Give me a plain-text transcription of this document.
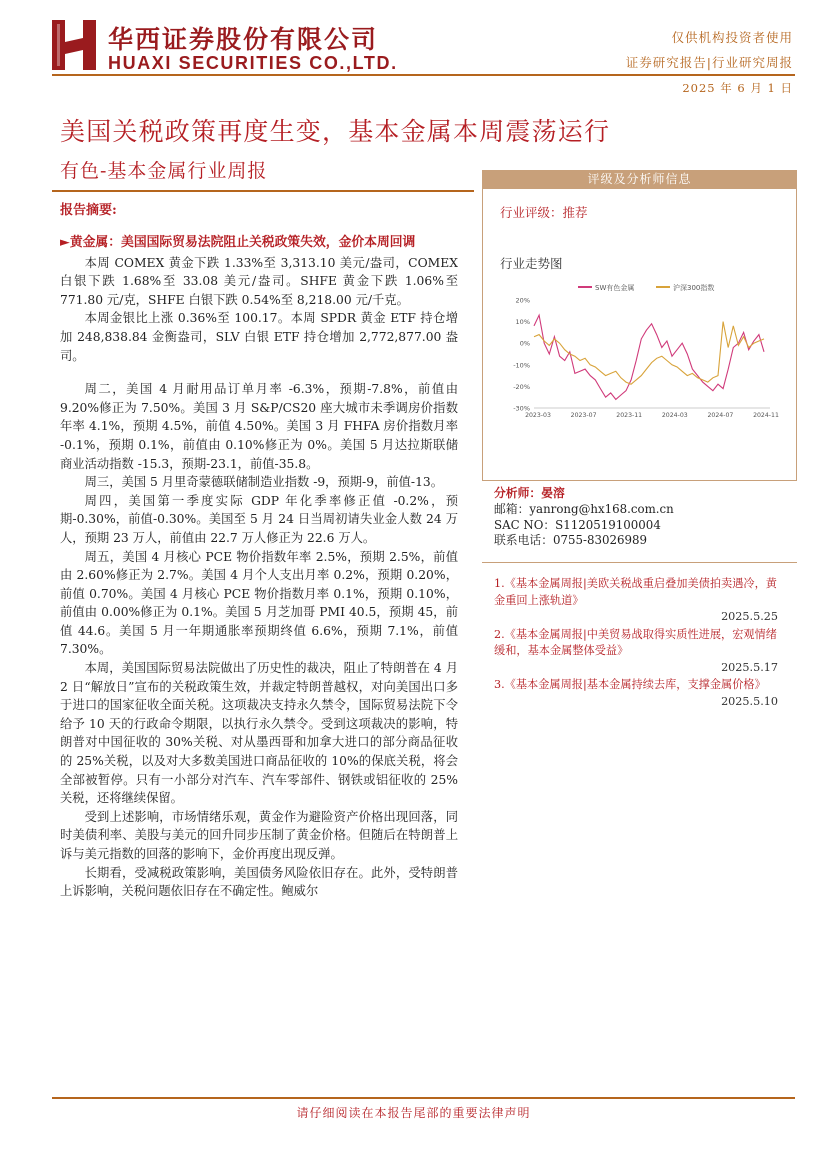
华西证券股份有限公司
HUAXI SECURITIES CO.,LTD.
仅供机构投资者使用
证券研究报告|行业研究周报
2025 年 6 月 1 日
美国关税政策再度生变，基本金属本周震荡运行
有色-基本金属行业周报
报告摘要:
►黄金属：美国国际贸易法院阻止关税政策失效，金价本周回调

本周 COMEX 黄金下跌 1.33%至 3,313.10 美元/盎司，COMEX 白银下跌 1.68%至 33.08 美元/盎司。SHFE 黄金下跌 1.06%至 771.80 元/克，SHFE 白银下跌 0.54%至 8,218.00 元/千克。

本周金银比上涨 0.36%至 100.17。本周 SPDR 黄金 ETF 持仓增加 248,838.84 金衡盎司，SLV 白银 ETF 持仓增加 2,772,877.00 盎司。

周二，美国 4 月耐用品订单月率 -6.3%，预期-7.8%，前值由 9.20%修正为 7.50%。美国 3 月 S&P/CS20 座大城市未季调房价指数年率 4.1%，预期 4.5%，前值 4.50%。美国 3 月 FHFA 房价指数月率 -0.1%，预期 0.1%，前值由 0.10%修正为 0%。美国 5 月达拉斯联储商业活动指数 -15.3，预期-23.1，前值-35.8。

周三，美国 5 月里奇蒙德联储制造业指数 -9，预期-9，前值-13。

周四，美国第一季度实际 GDP 年化季率修正值 -0.2%，预期-0.30%，前值-0.30%。美国至 5 月 24 日当周初请失业金人数 24 万人，预期 23 万人，前值由 22.7 万人修正为 22.6 万人。

周五，美国 4 月核心 PCE 物价指数年率 2.5%，预期 2.5%，前值由 2.60%修正为 2.7%。美国 4 月个人支出月率 0.2%，预期 0.20%，前值 0.70%。美国 4 月核心 PCE 物价指数月率 0.1%，预期 0.10%，前值由 0.00%修正为 0.1%。美国 5 月芝加哥 PMI 40.5，预期 45，前值 44.6。美国 5 月一年期通胀率预期终值 6.6%，预期 7.1%，前值 7.30%。

本周，美国国际贸易法院做出了历史性的裁决，阻止了特朗普在 4 月 2 日“解放日”宣布的关税政策生效，并裁定特朗普越权，对向美国出口多于进口的国家征收全面关税。这项裁决支持永久禁令，国际贸易法院下令给予 10 天的行政命令期限，以执行永久禁令。受到这项裁决的影响，特朗普对中国征收的 30%关税、对从墨西哥和加拿大进口的部分商品征收的 25%关税，以及对大多数美国进口商品征收的 10%的保底关税，将会全部被暂停。只有一小部分对汽车、汽车零部件、钢铁或铝征收的 25%关税，还将继续保留。

受到上述影响，市场情绪乐观，黄金作为避险资产价格出现回落，同时美债利率、美股与美元的回升同步压制了黄金价格。但随后在特朗普上诉与美元指数的回落的影响下，金价再度出现反弹。

长期看，受减税政策影响，美国债务风险依旧存在。此外，受特朗普上诉影响，关税问题依旧存在不确定性。鲍威尔

评级及分析师信息
行业评级：推荐
行业走势图
SW有色金属	沪深300指数
20%
10%
0%
-10%
-20%
-30%
2023-03	2023-07	2023-11	2024-03	2024-07	2024-11
分析师：晏溶
邮箱：yanrong@hx168.com.cn
SAC NO：S1120519100004
联系电话：0755-83026989
1.《基本金属周报|美欧关税战重启叠加美债拍卖遇冷，黄金重回上涨轨道》
2025.5.25
2.《基本金属周报|中美贸易战取得实质性进展，宏观情绪缓和，基本金属整体受益》
2025.5.17
3.《基本金属周报|基本金属持续去库，支撑金属价格》
2025.5.10
请仔细阅读在本报告尾部的重要法律声明
